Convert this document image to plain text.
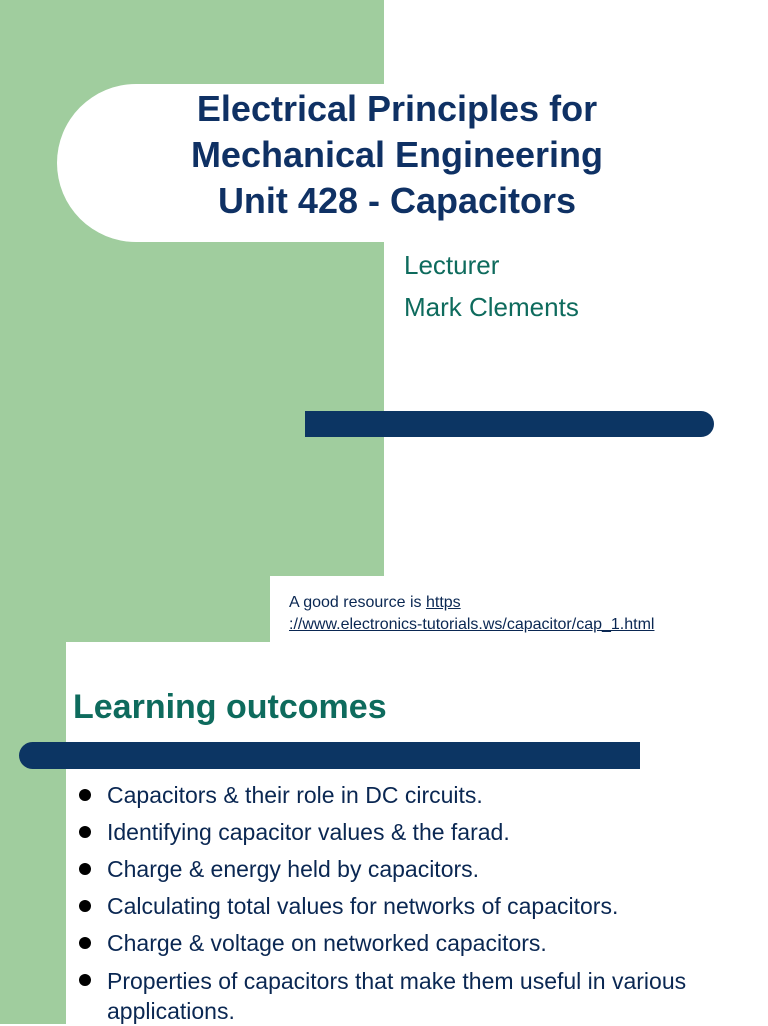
Electrical Principles for
Mechanical Engineering
Unit 428 - Capacitors
Lecturer
Mark Clements
A good resource is https
://www.electronics-tutorials.ws/capacitor/cap_1.html
Learning outcomes
Capacitors & their role in DC circuits.
Identifying capacitor values & the farad.
Charge & energy held by capacitors.
Calculating total values for networks of capacitors.
Charge & voltage on networked capacitors.
Properties of capacitors that make them useful in various applications.
